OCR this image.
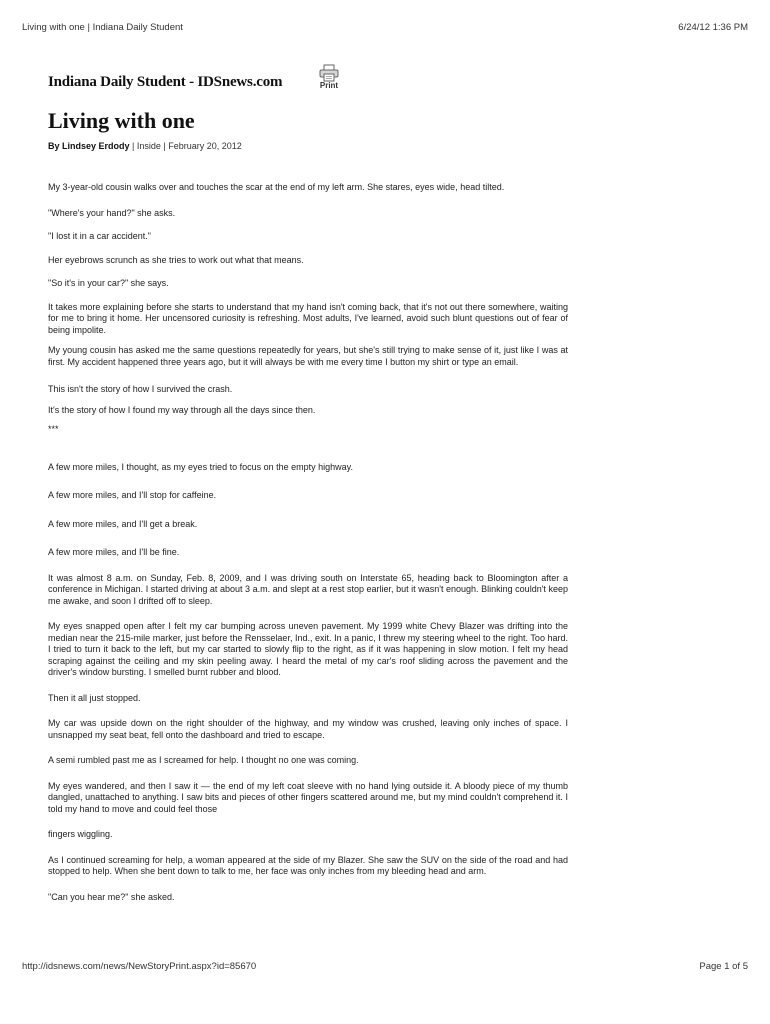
Living with one | Indiana Daily Student	6/24/12 1:36 PM
Indiana Daily Student - IDSnews.com	Print
Living with one
By Lindsey Erdody | Inside | February 20, 2012

My 3-year-old cousin walks over and touches the scar at the end of my left arm. She stares, eyes wide, head tilted.

"Where's your hand?" she asks.

"I lost it in a car accident."

Her eyebrows scrunch as she tries to work out what that means.

"So it's in your car?" she says.

It takes more explaining before she starts to understand that my hand isn't coming back, that it's not out there somewhere, waiting for me to bring it home. Her uncensored curiosity is refreshing. Most adults, I've learned, avoid such blunt questions out of fear of being impolite.

My young cousin has asked me the same questions repeatedly for years, but she's still trying to make sense of it, just like I was at first. My accident happened three years ago, but it will always be with me every time I button my shirt or type an email.

This isn't the story of how I survived the crash.

It's the story of how I found my way through all the days since then.

***

A few more miles, I thought, as my eyes tried to focus on the empty highway.

A few more miles, and I'll stop for caffeine.

A few more miles, and I'll get a break.

A few more miles, and I'll be fine.

It was almost 8 a.m. on Sunday, Feb. 8, 2009, and I was driving south on Interstate 65, heading back to Bloomington after a conference in Michigan. I started driving at about 3 a.m. and slept at a rest stop earlier, but it wasn't enough. Blinking couldn't keep me awake, and soon I drifted off to sleep.

My eyes snapped open after I felt my car bumping across uneven pavement. My 1999 white Chevy Blazer was drifting into the median near the 215-mile marker, just before the Rensselaer, Ind., exit. In a panic, I threw my steering wheel to the right. Too hard. I tried to turn it back to the left, but my car started to slowly flip to the right, as if it was happening in slow motion. I felt my head scraping against the ceiling and my skin peeling away. I heard the metal of my car's roof sliding across the pavement and the driver's window bursting. I smelled burnt rubber and blood.

Then it all just stopped.

My car was upside down on the right shoulder of the highway, and my window was crushed, leaving only inches of space. I unsnapped my seat beat, fell onto the dashboard and tried to escape.

A semi rumbled past me as I screamed for help. I thought no one was coming.

My eyes wandered, and then I saw it — the end of my left coat sleeve with no hand lying outside it. A bloody piece of my thumb dangled, unattached to anything. I saw bits and pieces of other fingers scattered around me, but my mind couldn't comprehend it. I told my hand to move and could feel those

fingers wiggling.

As I continued screaming for help, a woman appeared at the side of my Blazer. She saw the SUV on the side of the road and had stopped to help. When she bent down to talk to me, her face was only inches from my bleeding head and arm.

"Can you hear me?" she asked.

http://idsnews.com/news/NewStoryPrint.aspx?id=85670	Page 1 of 5
